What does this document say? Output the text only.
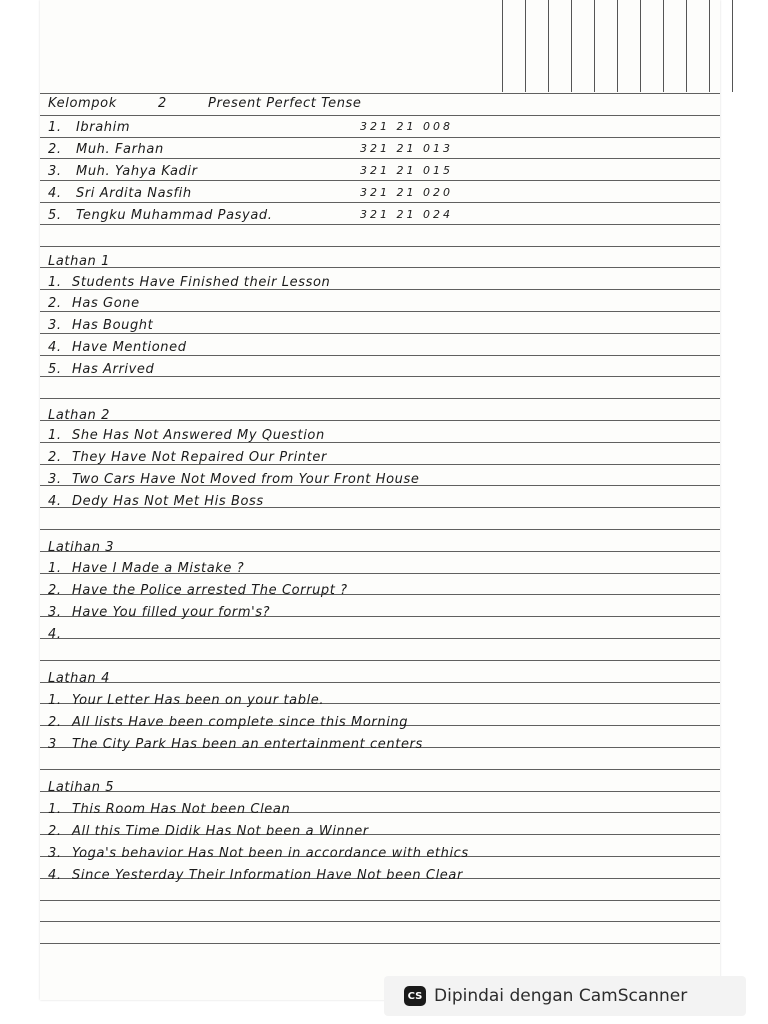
Kelompok	2	Present Perfect Tense
1. Ibrahim	321 21 008
2. Muh. Farhan	321 21 013
3. Muh. Yahya Kadir	321 21 015
4. Sri Ardita Nasfih	321 21 020
5. Tengku Muhammad Pasyad.	321 21 024
Lathan 1
1. Students Have Finished their Lesson
2. Has Gone
3. Has Bought
4. Have Mentioned
5. Has Arrived
Lathan 2
1. She Has Not Answered My Question
2. They Have Not Repaired Our Printer
3. Two Cars Have Not Moved from Your Front House
4. Dedy Has Not Met His Boss
Latihan 3
1. Have I Made a Mistake ?
2. Have the Police arrested The Corrupt ?
3. Have You filled your form's?
4.
Lathan 4
1. Your Letter Has been on your table.
2. All lists Have been complete since this Morning
3 The City Park Has been an entertainment centers
Latihan 5
1. This Room Has Not been Clean
2. All this Time Didik Has Not been a Winner
3. Yoga's behavior Has Not been in accordance with ethics
4. Since Yesterday Their Information Have Not been Clear
CS Dipindai dengan CamScanner
